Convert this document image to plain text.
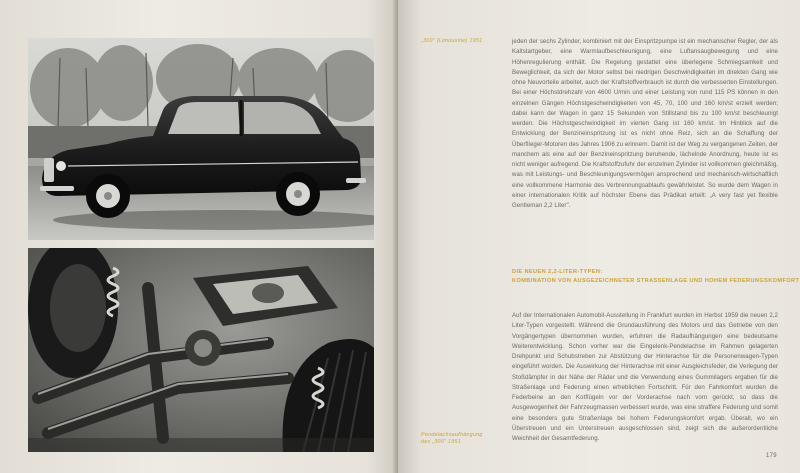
„300" (Limousine) 1951	jeden der sechs Zylinder, kombiniert mit der Einspritzpumpe ist ein mechanischer Regler, der als Kaltstartgeber, eine Warmlaufbeschleunigung, eine Luftansaugbewegung und eine Höhenregulierung enthält. Die Regelung gestattet eine überlegene Schmiegsamkeit und Beweglichkeit, da sich der Motor selbst bei niedrigen Geschwindigkeiten im direkten Gang wie ohne Neuvorteile arbeitet, auch der Kraftstoffverbrauch ist durch die verbesserten Einstellungen. Bei einer Höchstdrehzahl von 4600 U/min und einer Leistung von rund 115 PS können in den einzelnen Gängen Höchstgeschwindigkeiten von 45, 70, 100 und 160 km/st erzielt werden; dabei kann der Wagen in ganz 15 Sekunden von Stillstand bis zu 100 km/st beschleunigt werden. Die Höchstgeschwindigkeit im vierten Gang ist 160 km/st. Im Hinblick auf die Entwicklung der Benzineinspritzung ist es nicht ohne Reiz, sich an die Schaffung der Überflieger-Motoren des Jahres 1906 zu erinnern. Damit ist der Weg zu vergangenen Zeiten, der manchem als eine auf der Benzineinspritzung beruhende, lächelnde Anordnung, heute ist es nicht weniger aufregend. Die Kraftstoffzufuhr der einzelnen Zylinder ist vollkommen gleichmäßig, was mit Leistungs- und Beschleunigungsvermögen ansprechend und mechanisch-wirtschaftlich eine vollkommene Harmonie des Verbrennungsablaufs gewährleistet. So wurde dem Wagen in einer internationalen Kritik auf höchster Ebene das Prädikat erteilt: „A very fast yet flexible Gentleman 2,2 Liter".

DIE NEUEN 2,2-LITER-TYPEN:
KOMBINATION VON AUSGEZEICHNETER STRASSENLAGE UND HOHEM FEDERUNGSKOMFORT

Auf der Internationalen Automobil-Ausstellung in Frankfurt wurden im Herbst 1959 die neuen 2,2 Liter-Typen vorgestellt. Während die Grundausführung des Motors und das Getriebe von den Vorgängertypen übernommen wurden, erfuhren die Radaufhängungen eine bedeutsame Weiterentwicklung. Schon vorher war die Eingelenk-Pendelachse im Rahmen gelagerten Drehpunkt und Schubstreben zur Abstützung der Hinterachse für die Personenwagen-Typen eingeführt worden. Die Auswirkung der Hinterachse mit einer Ausgleichsfeder, die Verlegung der Stoßdämpfer in der Nähe der Räder und die Verwendung eines Gummilagers ergaben für die Straßenlage und Federung einen erheblichen Fortschritt. Für den Fahrkomfort wurden die Federbeine an den Kotflügeln vor der Vorderachse nach vorn gerückt, so dass die Ausgewogenheit der Fahrzeugmassen verbessert wurde, was eine straffere Federung und somit eine besonders gute Straßenlage bei hohem Federungskomfort ergab. Überall, wo ein Überstreuen und ein Unterstreuen ausgeschlossen sind, zeigt sich die außerordentliche Weichheit der Gesamtfederung.

Pendelachsaufhängung des „300" 1951
179
